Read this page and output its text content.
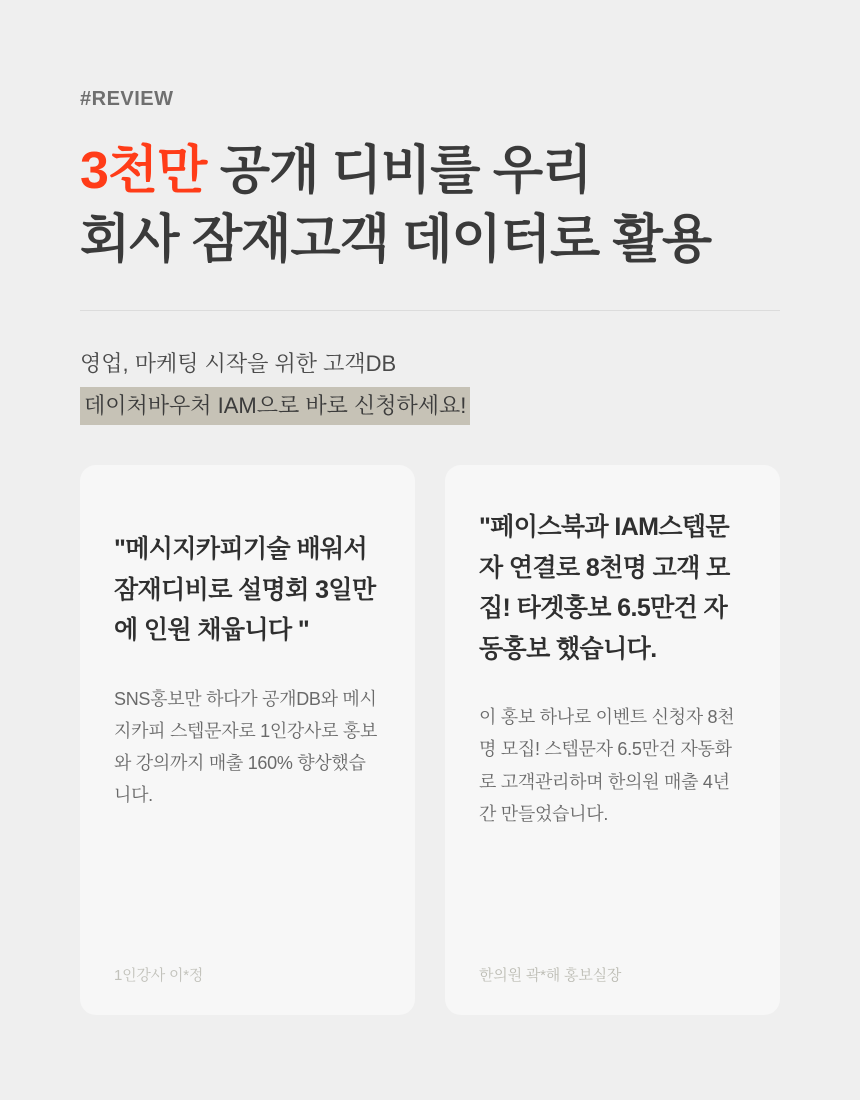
#REVIEW
3천만 공개 디비를 우리
회사 잠재고객 데이터로 활용
영업, 마케팅 시작을 위한 고객DB
데이처바우처 IAM으로 바로 신청하세요!

"메시지카피기술 배워서 잠재디비로 설명회 3일만에 인원 채웁니다 "

SNS홍보만 하다가 공개DB와 메시지카피 스텝문자로 1인강사로 홍보와 강의까지 매출 160% 향상했습니다.

1인강사 이*정

"페이스북과 IAM스텝문자 연결로 8천명 고객 모집! 타겟홍보 6.5만건 자동홍보 했습니다.

이 홍보 하나로 이벤트 신청자 8천명 모집! 스텝문자 6.5만건 자동화로 고객관리하며 한의원 매출 4년간 만들었습니다.

한의원 곽*해 홍보실장
